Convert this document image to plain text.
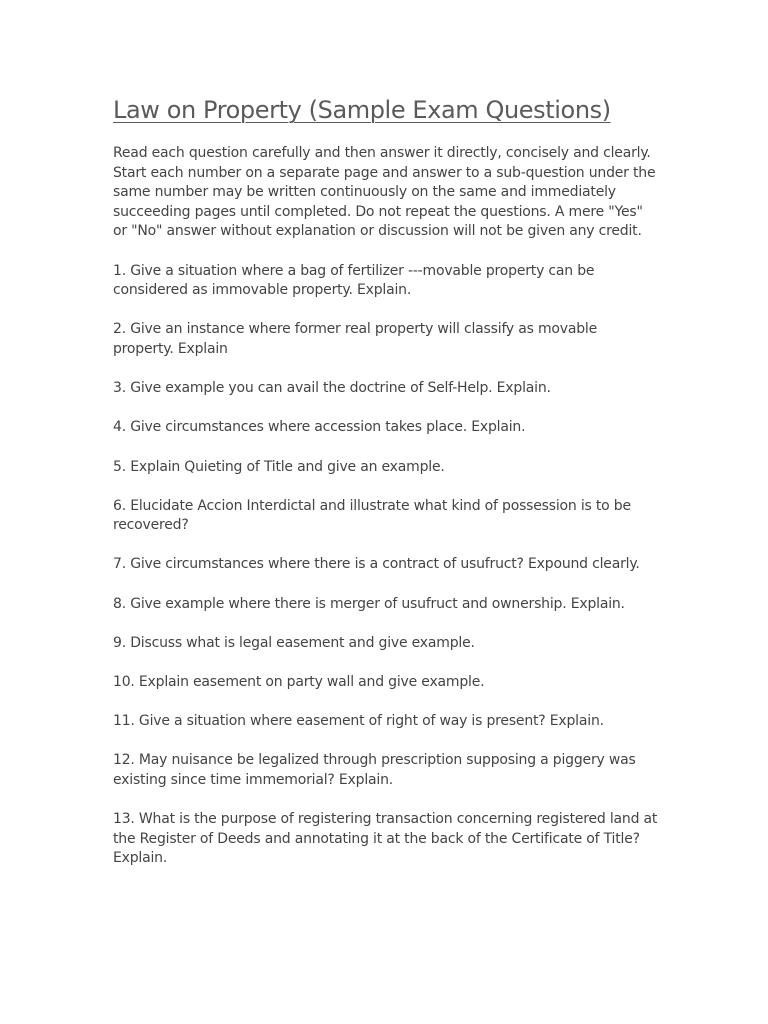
Law on Property (Sample Exam Questions)

Read each question carefully and then answer it directly, concisely and clearly. Start each number on a separate page and answer to a sub-question under the same number may be written continuously on the same and immediately succeeding pages until completed. Do not repeat the questions. A mere "Yes" or "No" answer without explanation or discussion will not be given any credit.

1. Give a situation where a bag of fertilizer ---movable property can be considered as immovable property. Explain.

2. Give an instance where former real property will classify as movable property. Explain

3. Give example you can avail the doctrine of Self-Help. Explain.

4. Give circumstances where accession takes place. Explain.

5. Explain Quieting of Title and give an example.

6. Elucidate Accion Interdictal and illustrate what kind of possession is to be recovered?

7. Give circumstances where there is a contract of usufruct? Expound clearly.

8. Give example where there is merger of usufruct and ownership. Explain.

9. Discuss what is legal easement and give example.

10. Explain easement on party wall and give example.

11. Give a situation where easement of right of way is present? Explain.

12. May nuisance be legalized through prescription supposing a piggery was existing since time immemorial? Explain.

13. What is the purpose of registering transaction concerning registered land at the Register of Deeds and annotating it at the back of the Certificate of Title? Explain.
